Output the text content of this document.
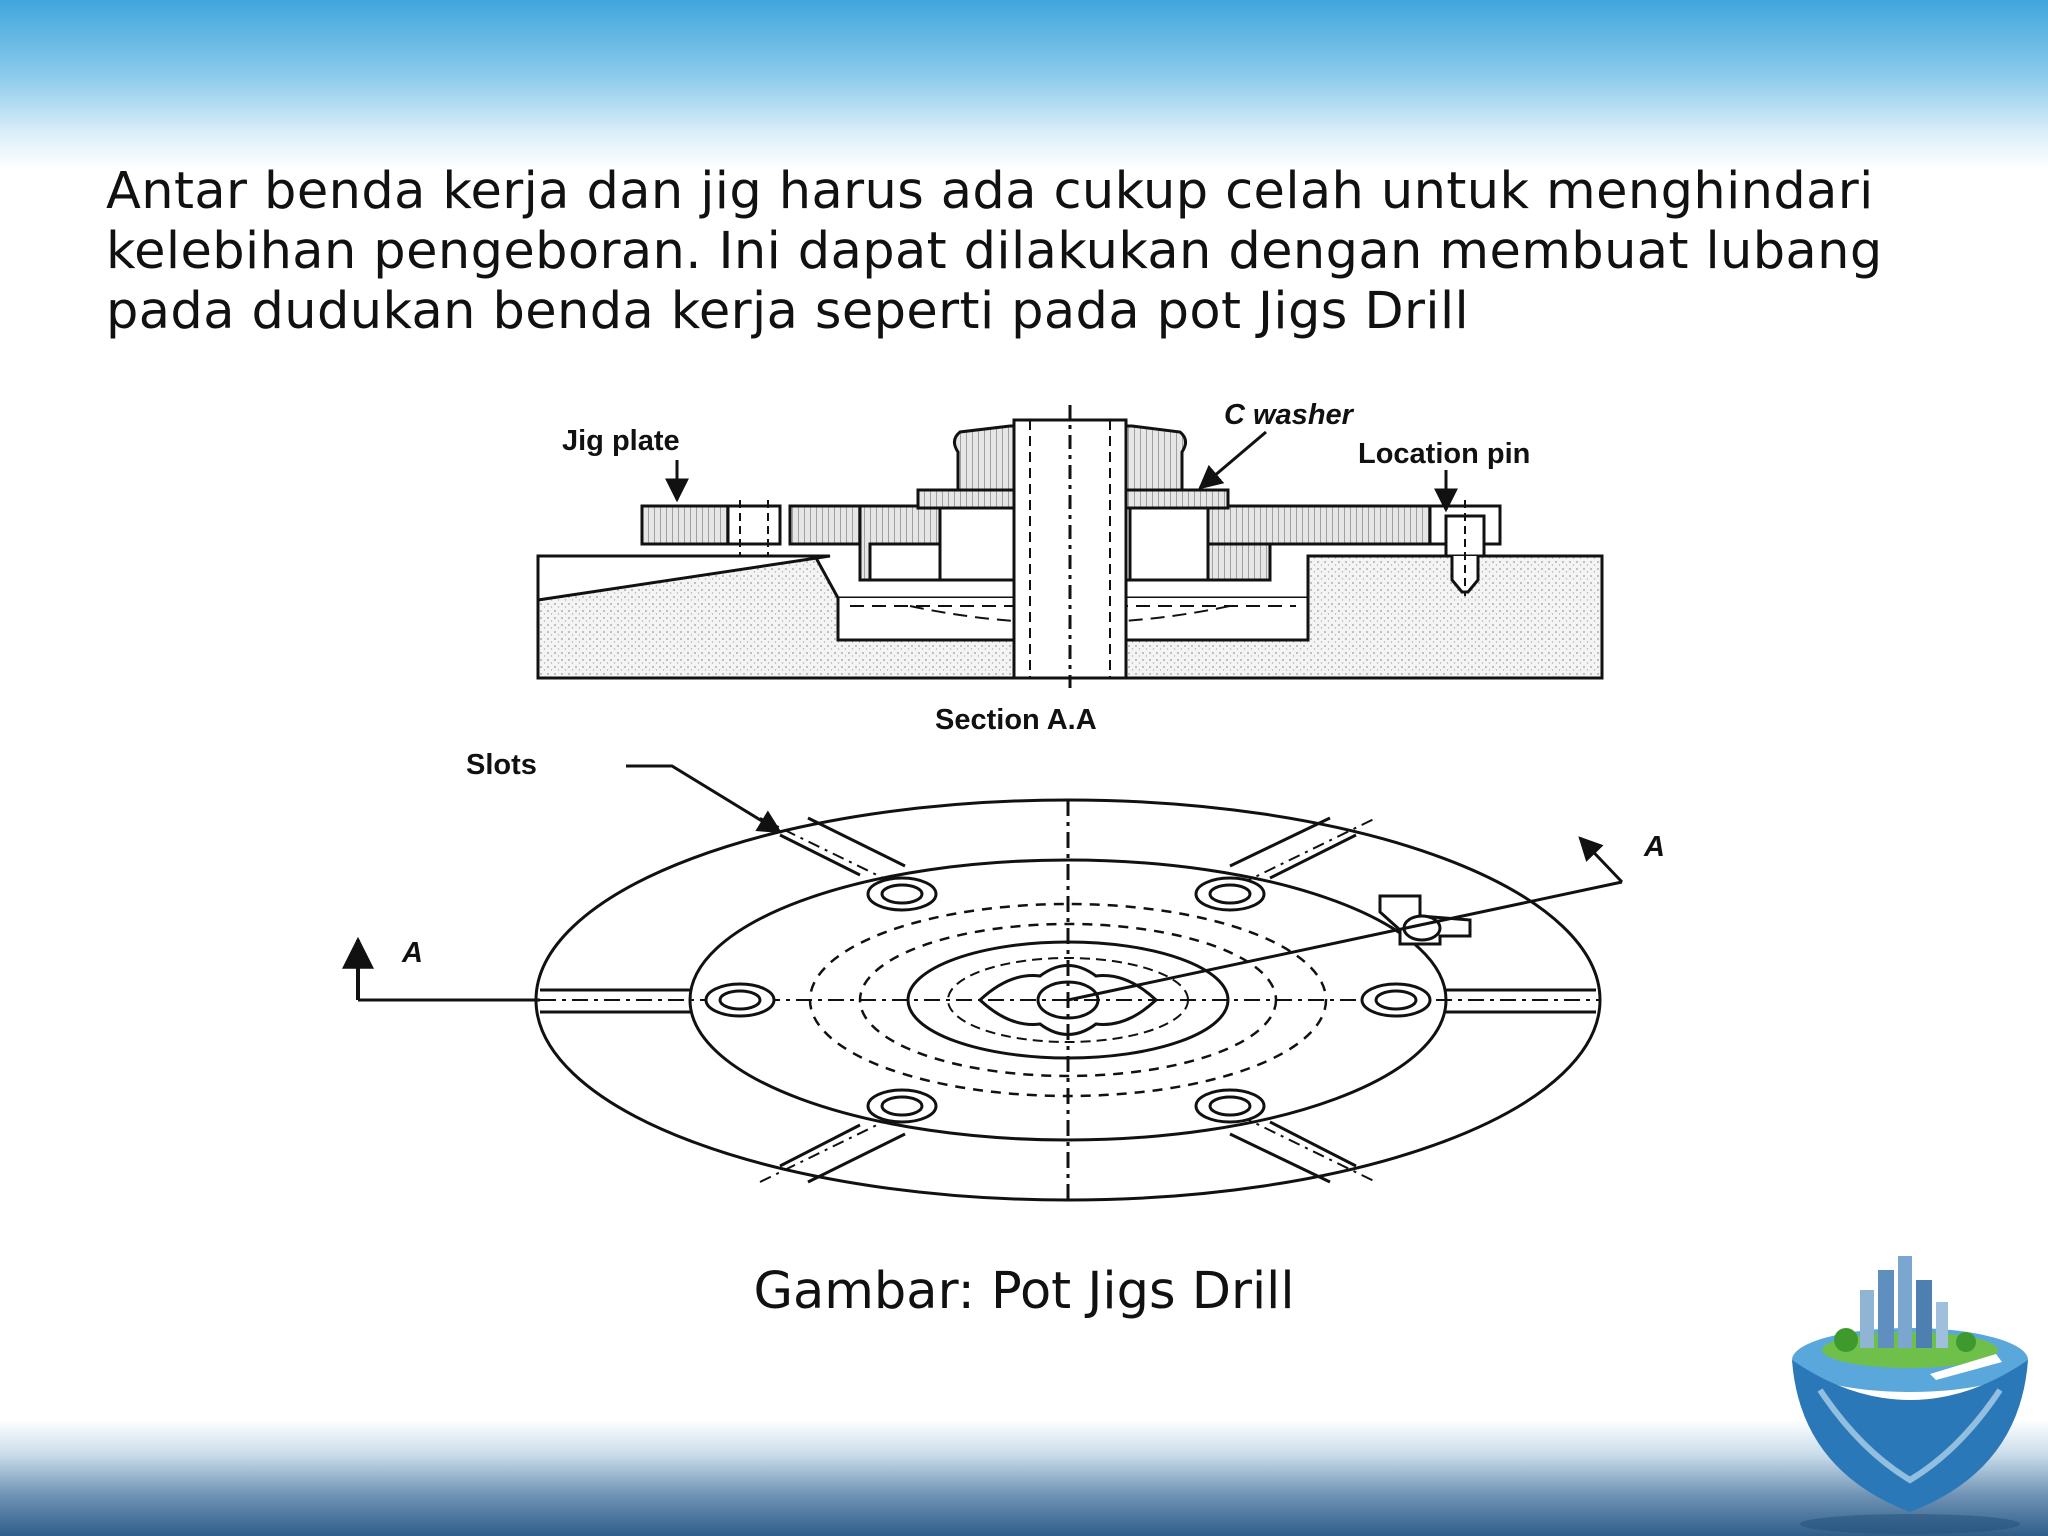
Antar benda kerja dan jig harus ada cukup celah untuk menghindari kelebihan pengeboran. Ini dapat dilakukan dengan membuat lubang pada dudukan benda kerja seperti pada pot Jigs Drill

Jig plate
C washer
Location pin
Section A.A
A
A
Slots
Gambar: Pot Jigs Drill
